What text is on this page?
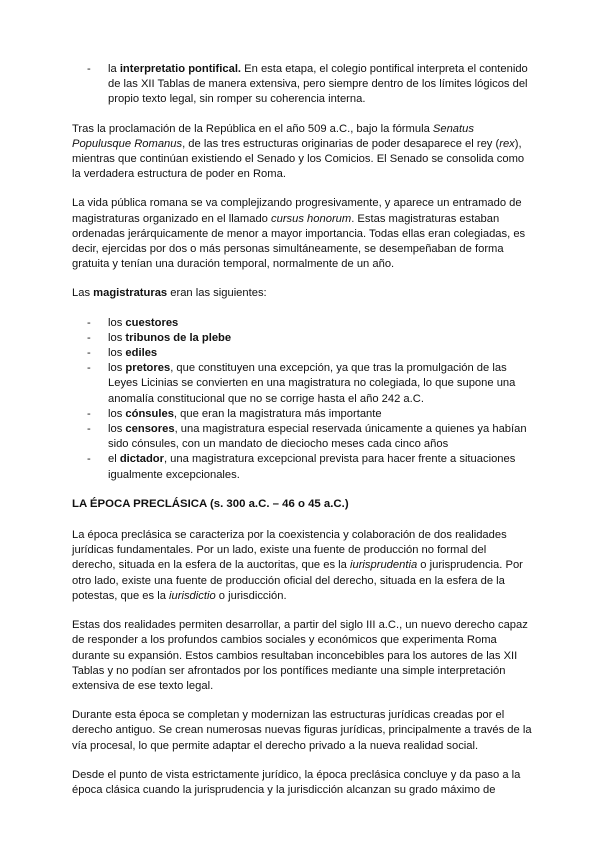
- la interpretatio pontifical. En esta etapa, el colegio pontifical interpreta el contenido de las XII Tablas de manera extensiva, pero siempre dentro de los límites lógicos del propio texto legal, sin romper su coherencia interna.

Tras la proclamación de la República en el año 509 a.C., bajo la fórmula Senatus Populusque Romanus, de las tres estructuras originarias de poder desaparece el rey (rex), mientras que continúan existiendo el Senado y los Comicios. El Senado se consolida como la verdadera estructura de poder en Roma.

La vida pública romana se va complejizando progresivamente, y aparece un entramado de magistraturas organizado en el llamado cursus honorum. Estas magistraturas estaban ordenadas jerárquicamente de menor a mayor importancia. Todas ellas eran colegiadas, es decir, ejercidas por dos o más personas simultáneamente, se desempeñaban de forma gratuita y tenían una duración temporal, normalmente de un año.

Las magistraturas eran las siguientes:

- los cuestores
- los tribunos de la plebe
- los ediles
- los pretores, que constituyen una excepción, ya que tras la promulgación de las Leyes Licinias se convierten en una magistratura no colegiada, lo que supone una anomalía constitucional que no se corrige hasta el año 242 a.C.
- los cónsules, que eran la magistratura más importante
- los censores, una magistratura especial reservada únicamente a quienes ya habían sido cónsules, con un mandato de dieciocho meses cada cinco años
- el dictador, una magistratura excepcional prevista para hacer frente a situaciones igualmente excepcionales.

LA ÉPOCA PRECLÁSICA (s. 300 a.C. – 46 o 45 a.C.)

La época preclásica se caracteriza por la coexistencia y colaboración de dos realidades jurídicas fundamentales. Por un lado, existe una fuente de producción no formal del derecho, situada en la esfera de la auctoritas, que es la iurisprudentia o jurisprudencia. Por otro lado, existe una fuente de producción oficial del derecho, situada en la esfera de la potestas, que es la iurisdictio o jurisdicción.

Estas dos realidades permiten desarrollar, a partir del siglo III a.C., un nuevo derecho capaz de responder a los profundos cambios sociales y económicos que experimenta Roma durante su expansión. Estos cambios resultaban inconcebibles para los autores de las XII Tablas y no podían ser afrontados por los pontífices mediante una simple interpretación extensiva de ese texto legal.

Durante esta época se completan y modernizan las estructuras jurídicas creadas por el derecho antiguo. Se crean numerosas nuevas figuras jurídicas, principalmente a través de la vía procesal, lo que permite adaptar el derecho privado a la nueva realidad social.

Desde el punto de vista estrictamente jurídico, la época preclásica concluye y da paso a la época clásica cuando la jurisprudencia y la jurisdicción alcanzan su grado máximo de
